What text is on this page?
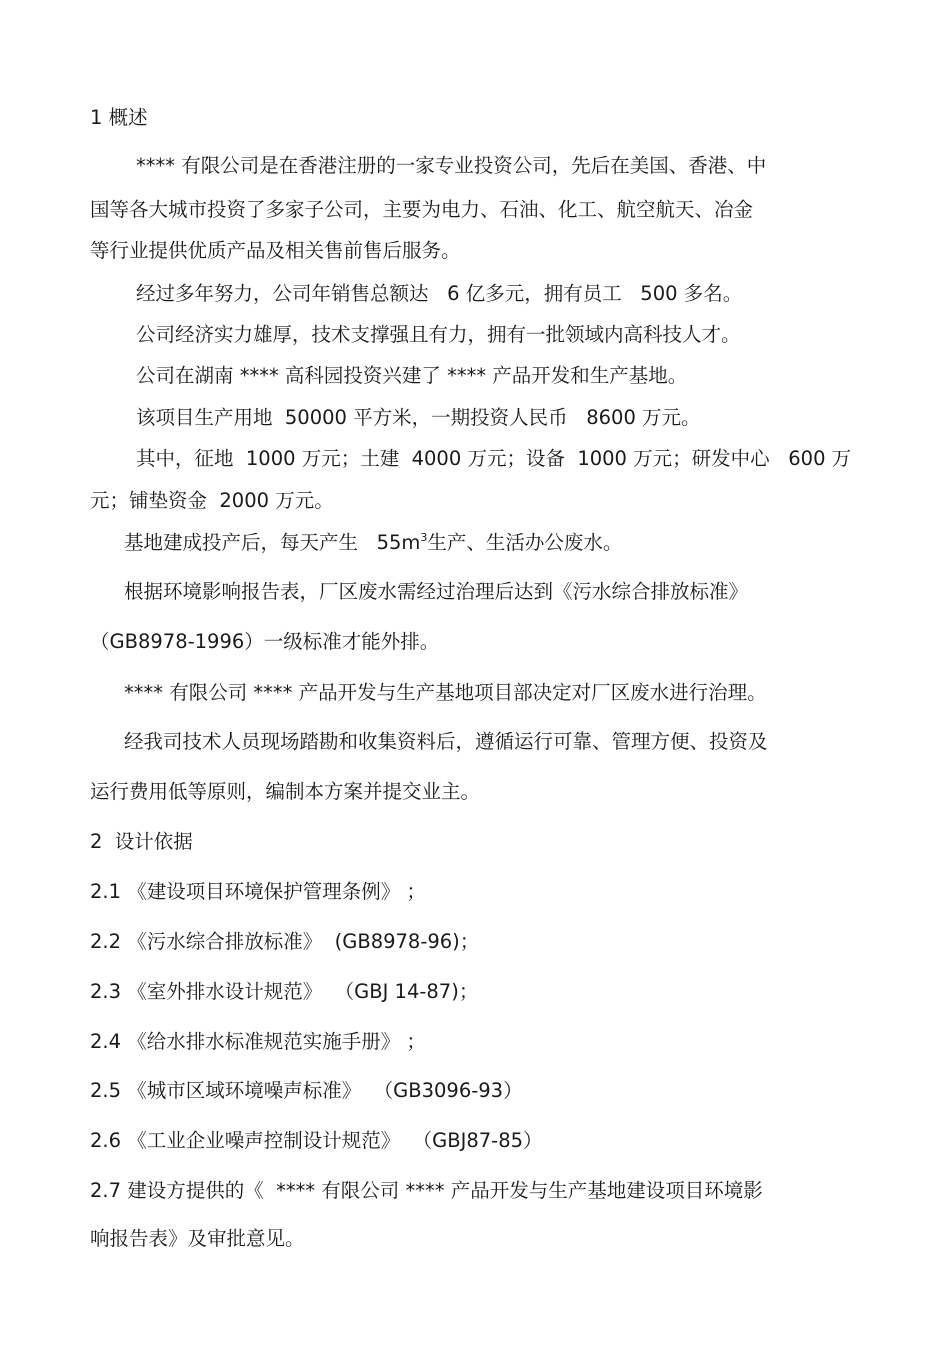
1 概述
**** 有限公司是在香港注册的一家专业投资公司，先后在美国、香港、中
国等各大城市投资了多家子公司，主要为电力、石油、化工、航空航天、冶金
等行业提供优质产品及相关售前售后服务。
经过多年努力，公司年销售总额达   6 亿多元，拥有员工   500 多名。
公司经济实力雄厚，技术支撑强且有力，拥有一批领域内高科技人才。
公司在湖南 **** 高科园投资兴建了 **** 产品开发和生产基地。
该项目生产用地  50000 平方米，一期投资人民币   8600 万元。
其中，征地  1000 万元；土建  4000 万元；设备  1000 万元；研发中心   600 万
元；铺垫资金  2000 万元。
基地建成投产后，每天产生   $55m^3$生产、生活办公废水。
根据环境影响报告表，厂区废水需经过治理后达到《污水综合排放标准》
（GB8978-1996）一级标准才能外排。
**** 有限公司 **** 产品开发与生产基地项目部决定对厂区废水进行治理。
经我司技术人员现场踏勘和收集资料后，遵循运行可靠、管理方便、投资及
运行费用低等原则，编制本方案并提交业主。
2  设计依据
2.1 《建设项目环境保护管理条例》 ；
2.2 《污水综合排放标准》  (GB8978-96)；
2.3 《室外排水设计规范》  （GBJ 14-87)；
2.4 《给水排水标准规范实施手册》 ；
2.5 《城市区域环境噪声标准》  （GB3096-93）
2.6 《工业企业噪声控制设计规范》  （GBJ87-85）
2.7 建设方提供的《  **** 有限公司 **** 产品开发与生产基地建设项目环境影
响报告表》及审批意见。
